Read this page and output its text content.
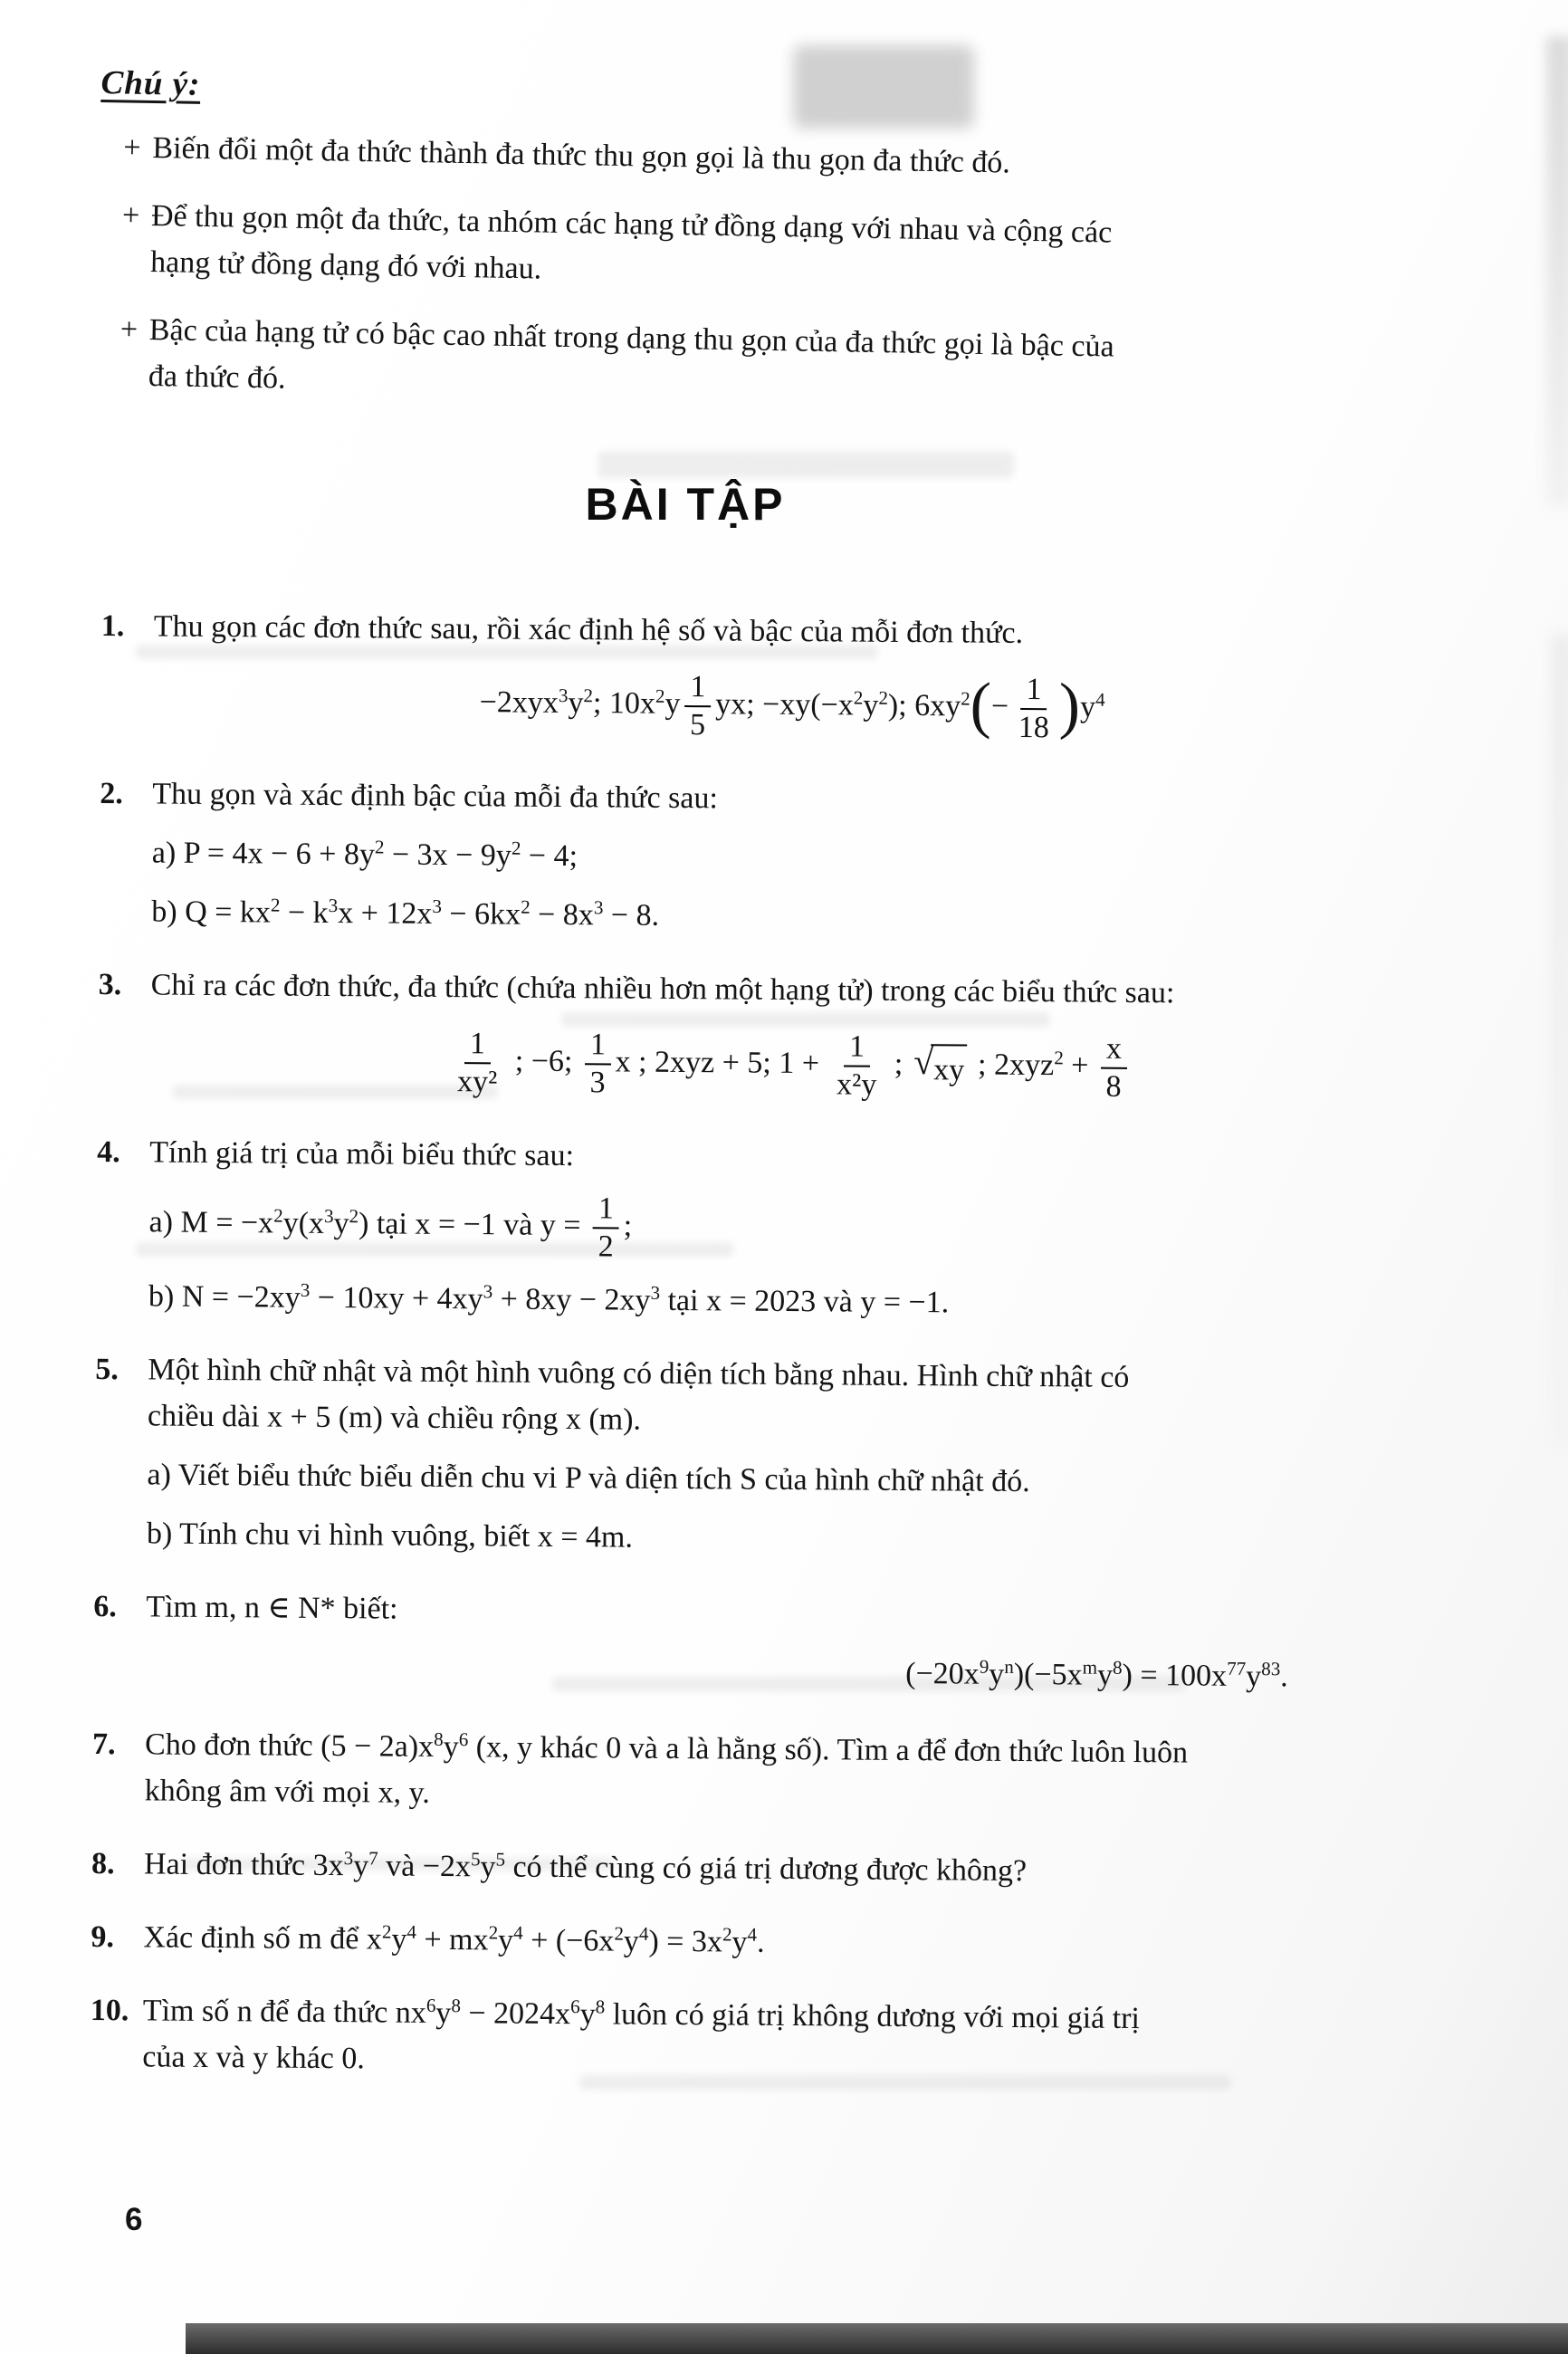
Chú ý:
+ Biến đổi một đa thức thành đa thức thu gọn gọi là thu gọn đa thức đó.
+ Để thu gọn một đa thức, ta nhóm các hạng tử đồng dạng với nhau và cộng các
hạng tử đồng dạng đó với nhau.
+ Bậc của hạng tử có bậc cao nhất trong dạng thu gọn của đa thức gọi là bậc của
đa thức đó.
BÀI TẬP
1. Thu gọn các đơn thức sau, rồi xác định hệ số và bậc của mỗi đơn thức.
$-2xyx^3y^2$; $10x^2y \frac{1}{5}$ yx; $-xy(-x^2y^2)$; $6xy^2(- \frac{1}{18} )y^4$
2. Thu gọn và xác định bậc của mỗi đa thức sau:
a) $P = 4x - 6 + 8y^2 - 3x - 9y^2 - 4$;
b) $Q = kx^2 - k^3x + 12x^3 - 6kx^2 - 8x^3 - 8$.
3. Chỉ ra các đơn thức, đa thức (chứa nhiều hơn một hạng tử) trong các biểu thức sau:
$\frac{1}{\text{xy²}}$ ; −6; $\frac{1}{3}$ x ; 2xyz + 5; $1 + \frac{1}{\text{x²y}}$ ; √ xy ; $2xyz^2 + \frac{x}{8}$
4. Tính giá trị của mỗi biểu thức sau:
a) $M = -x^2y(x^3y^2)$ tại x = −1 và $y = \frac{1}{2}$ ;
b) $N = -2xy^3 - 10xy + 4xy^3 + 8xy - 2xy^3$ tại x = 2023 và y = −1.
5. Một hình chữ nhật và một hình vuông có diện tích bằng nhau. Hình chữ nhật có
chiều dài x + 5 (m) và chiều rộng x (m).
a) Viết biểu thức biểu diễn chu vi P và diện tích S của hình chữ nhật đó.
b) Tính chu vi hình vuông, biết x = 4m.
6. Tìm m, n ∈ N* biết:
$(-20x^9y^n)(-5x^my^8) = 100x^{77}y^{83}$.
7. Cho đơn thức $(5 - 2a)x^8y^6$ (x, y khác 0 và a là hằng số). Tìm a để đơn thức luôn luôn
không âm với mọi x, y.
8. Hai đơn thức $3x^3y^7$ và $-2x^5y^5$ có thể cùng có giá trị dương được không?
9. Xác định số m để $x^2y^4 + mx^2y^4 + (-6x^2y^4) = 3x^2y^4$.
10. Tìm số n để đa thức $nx^6y^8 - 2024x^6y^8$ luôn có giá trị không dương với mọi giá trị
của x và y khác 0.
6
